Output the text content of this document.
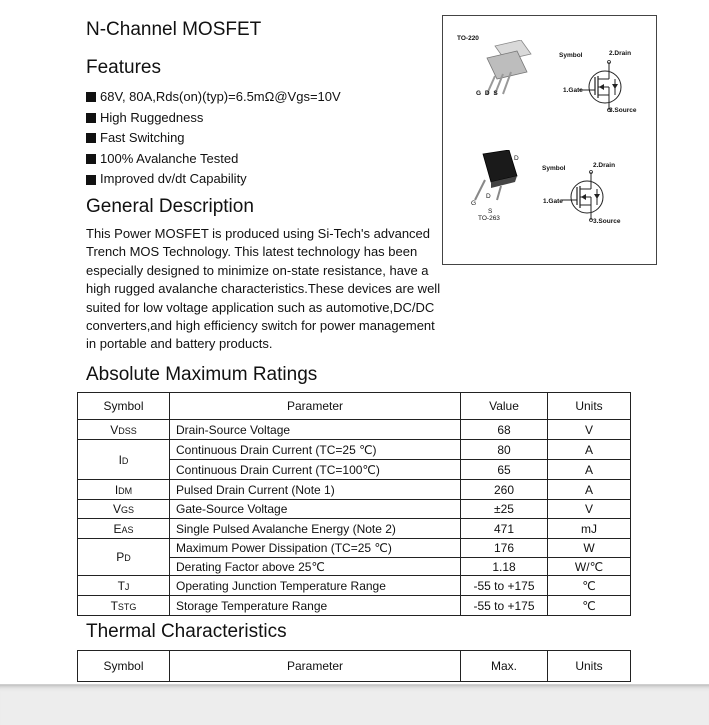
N-Channel MOSFET
Features
68V, 80A,Rds(on)(typ)=6.5mΩ@Vgs=10V
High Ruggedness
Fast Switching
100% Avalanche Tested
Improved dv/dt Capability
General Description
This Power MOSFET is produced using Si-Tech's advanced
Trench MOS Technology. This latest technology has been
especially designed to minimize on-state resistance, have a
high rugged avalanche characteristics.These devices are well
suited for low voltage application such as automotive,DC/DC
converters,and high efficiency switch for power management
in portable and battery products.
TO-220
G D S
Symbol	2.Drain
1.Gate
3.Source
D
D
G
S
TO-263
Symbol	2.Drain
1.Gate
3.Source
Absolute Maximum Ratings
Symbol	Parameter	Value	Units
VDSS	Drain-Source Voltage	68	V
ID	Continuous Drain Current (TC=25 ℃)	80	A
	Continuous Drain Current (TC=100℃)	65	A
IDM	Pulsed Drain Current (Note 1)	260	A
VGS	Gate-Source Voltage	±25	V
EAS	Single Pulsed Avalanche Energy (Note 2)	471	mJ
PD	Maximum Power Dissipation (TC=25 ℃)	176	W
	Derating Factor above 25℃	1.18	W/℃
TJ	Operating Junction Temperature Range	-55 to +175	℃
TSTG	Storage Temperature Range	-55 to +175	℃
Thermal Characteristics
Symbol	Parameter	Max.	Units
